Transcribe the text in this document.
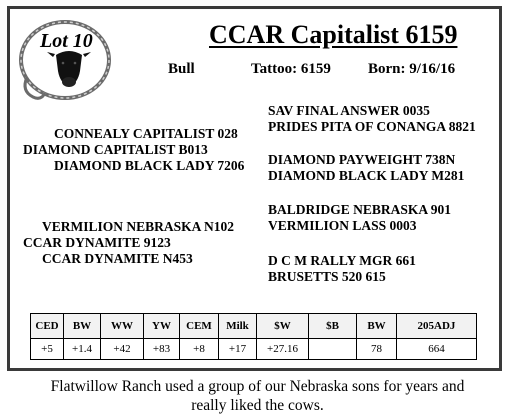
Lot 10	CCAR Capitalist 6159
Bull	Tattoo: 6159 Born: 9/16/16
CONNEALY CAPITALIST 028
DIAMOND CAPITALIST B013
DIAMOND BLACK LADY 7206
VERMILION NEBRASKA N102
CCAR DYNAMITE 9123
CCAR DYNAMITE N453
SAV FINAL ANSWER 0035
PRIDES PITA OF CONANGA 8821
DIAMOND PAYWEIGHT 738N
DIAMOND BLACK LADY M281
BALDRIDGE NEBRASKA 901
VERMILION LASS 0003
D C M RALLY MGR 661
BRUSETTS 520 615
CED	BW	WW	YW	CEM	Milk	$W	$B	BW	205ADJ
+5	+1.4	+42	+83	+8	+17	+27.16		78	664
Flatwillow Ranch used a group of our Nebraska sons for years and
really liked the cows.
